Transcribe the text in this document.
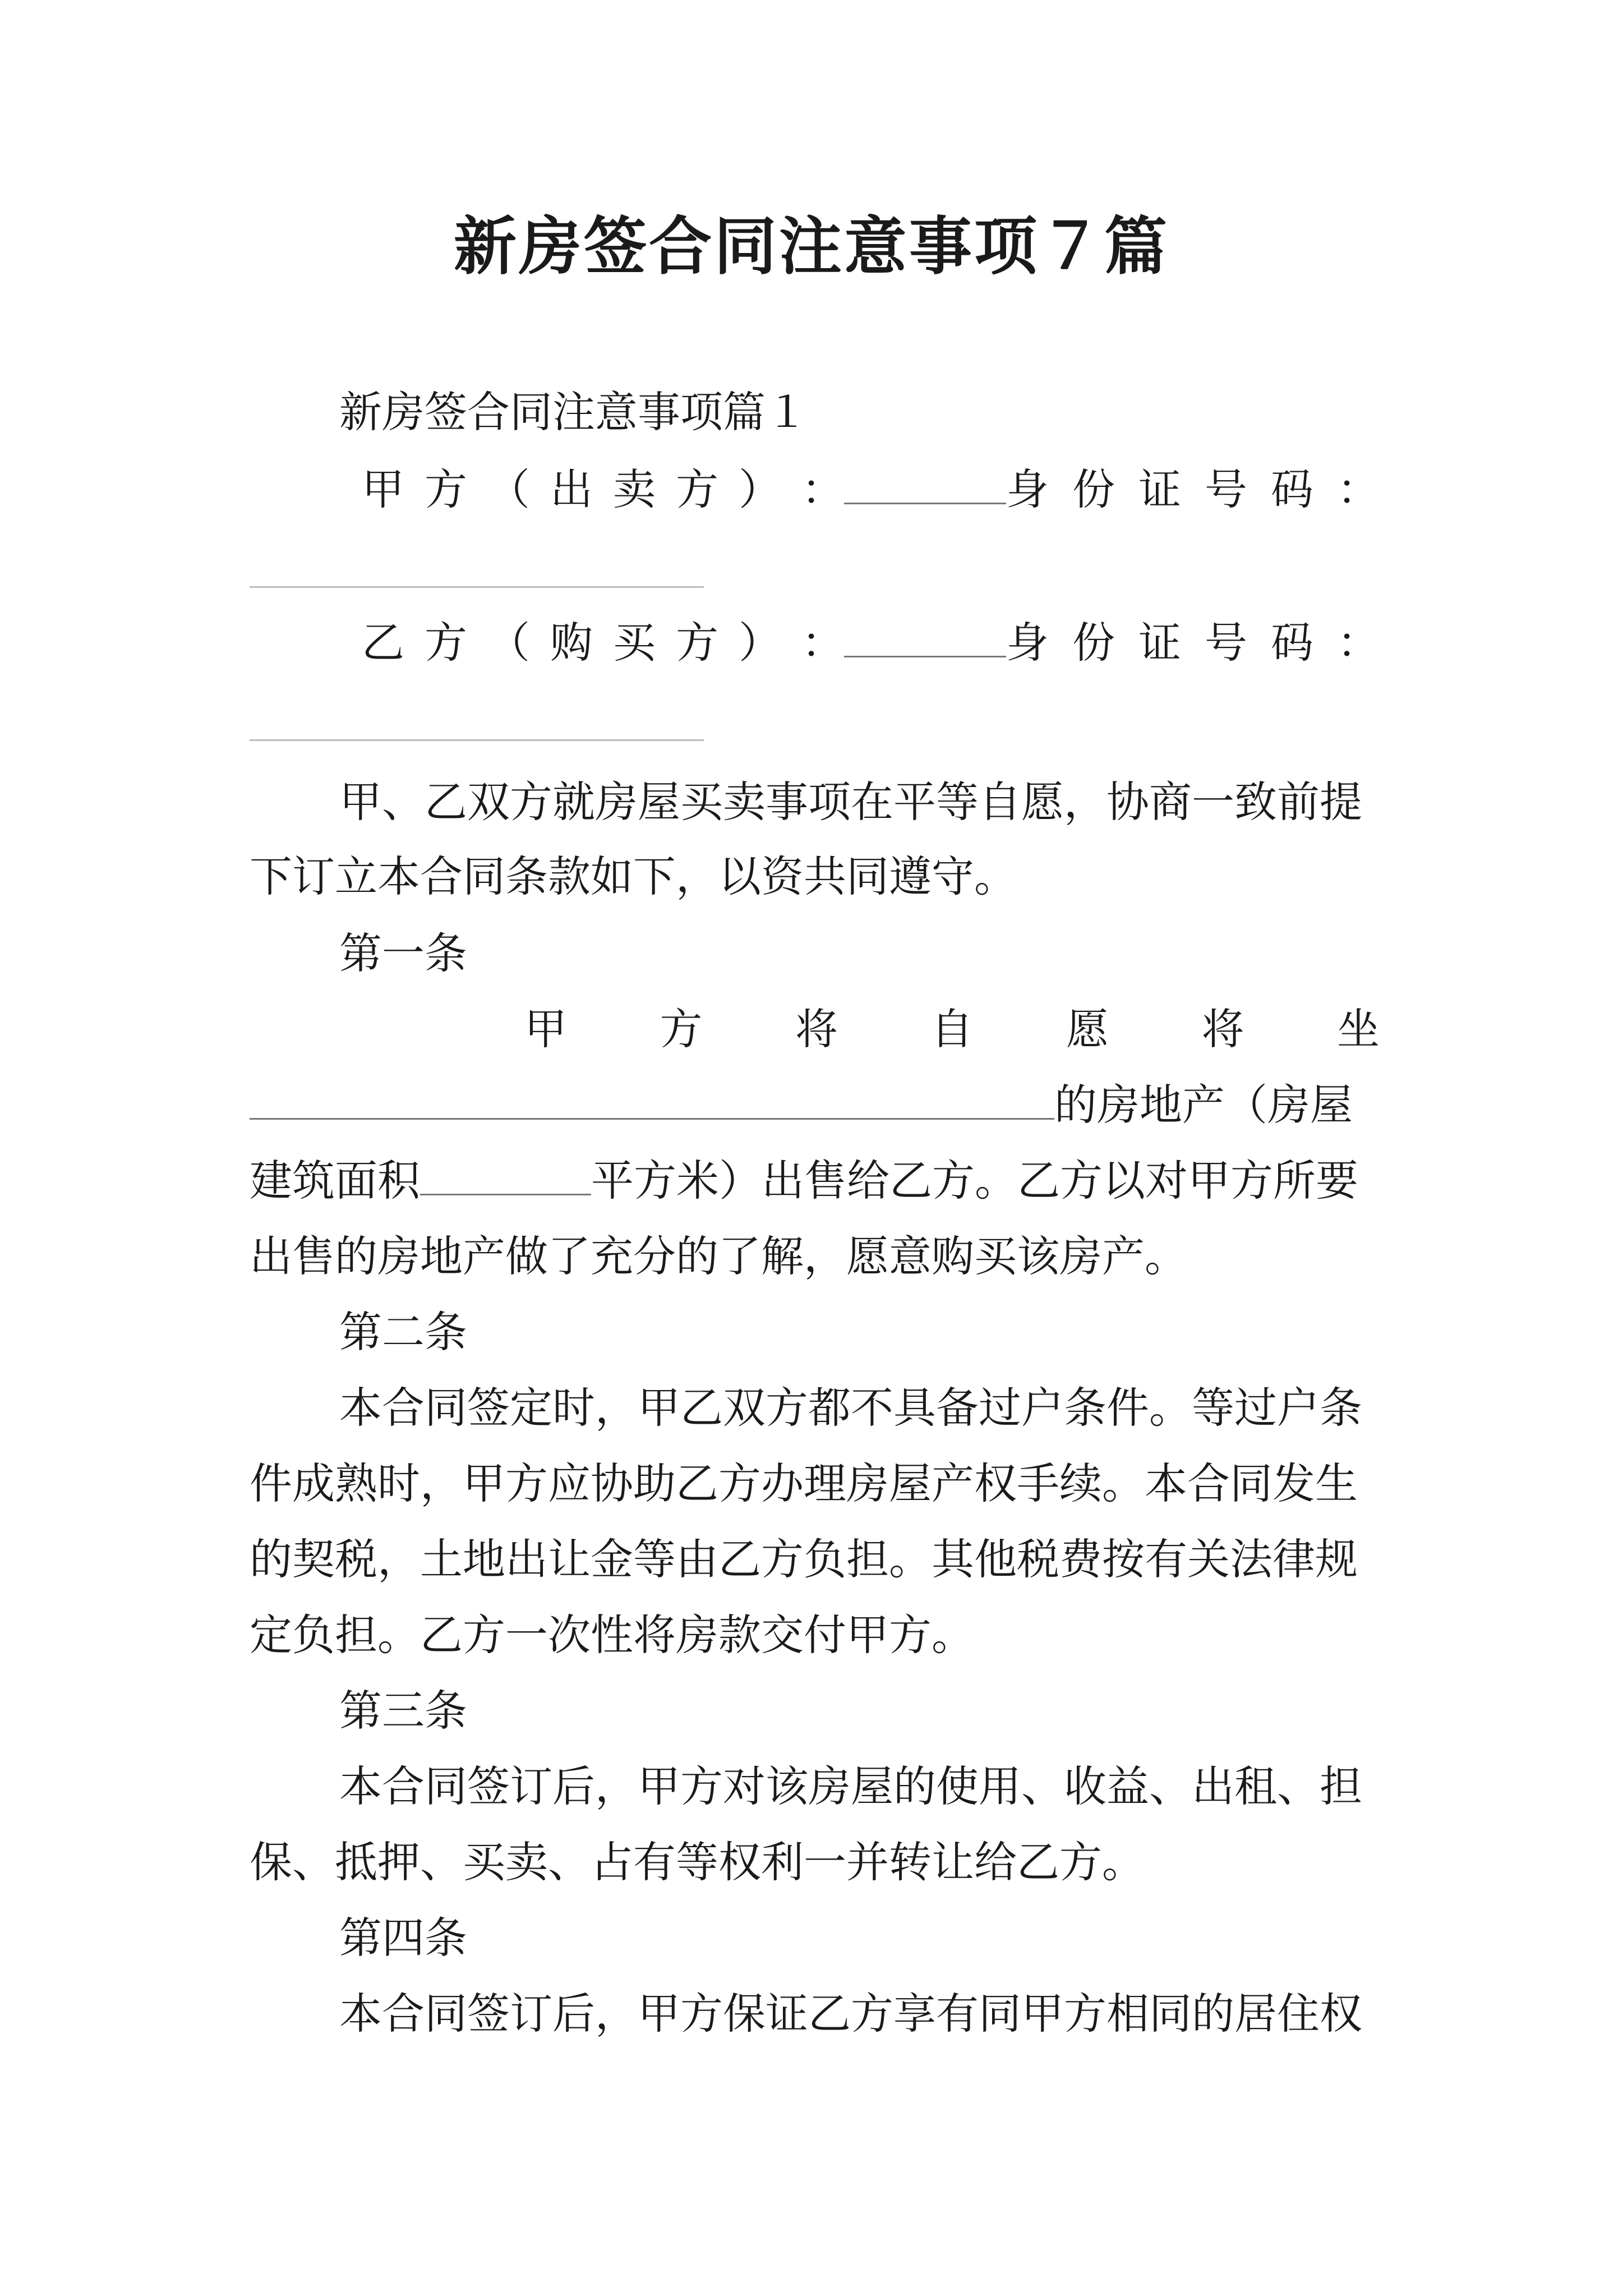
新房签合同注意事项７篇
新房签合同注意事项篇１
甲 方 （ 出 卖 方 ） ：	身 份 证 号 码 ：
乙 方 （ 购 买 方 ） ：	身 份 证 号 码 ：
甲、乙双方就房屋买卖事项在平等自愿，协商一致前提
下订立本合同条款如下，以资共同遵守。
第一条
甲 方 将 自 愿 将 坐
的房地产（房屋
建筑面积	平方米）出售给乙方。乙方以对甲方所要
出售的房地产做了充分的了解，愿意购买该房产。
第二条
本合同签定时，甲乙双方都不具备过户条件。等过户条
件成熟时，甲方应协助乙方办理房屋产权手续。本合同发生
的契税，土地出让金等由乙方负担。其他税费按有关法律规
定负担。乙方一次性将房款交付甲方。
第三条
本合同签订后，甲方对该房屋的使用、收益、出租、担
保、抵押、买卖、占有等权利一并转让给乙方。
第四条
本合同签订后，甲方保证乙方享有同甲方相同的居住权
